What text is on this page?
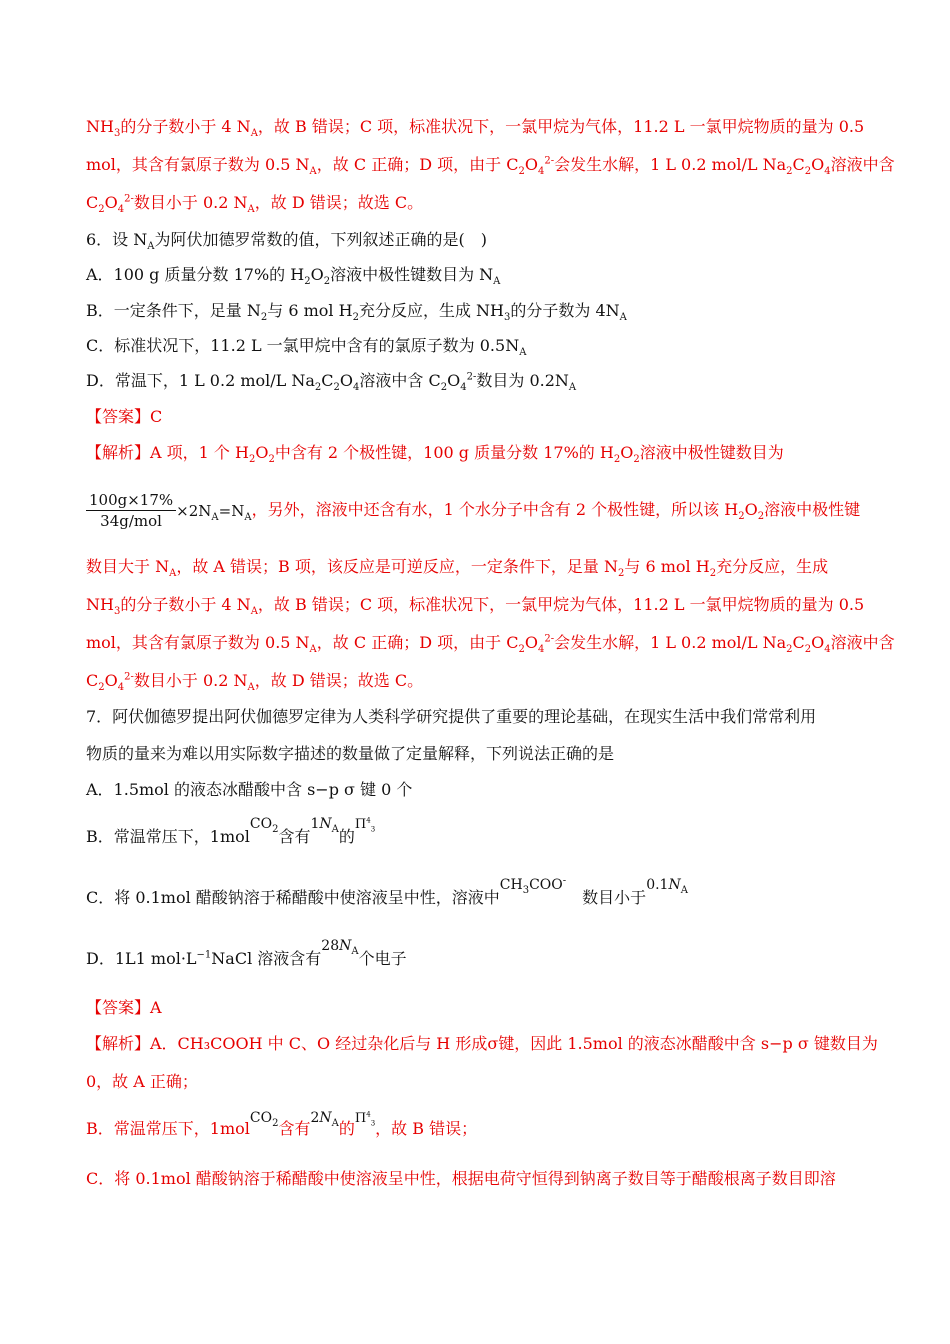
$NH_3$的分子数小于 4 $N_A$，故 B 错误；C 项，标准状况下，一氯甲烷为气体，11.2 L 一氯甲烷物质的量为 0.5
mol，其含有氯原子数为 0.5 $N_A$，故 C 正确；D 项，由于 $C_2O_4^{2-}$会发生水解，1 L 0.2 mol/L $Na_2C_2O_4$溶液中含
$C_2O_4^{2-}$数目小于 0.2 $N_A$，故 D 错误；故选 C。
6．设 $N_A$为阿伏加德罗常数的值，下列叙述正确的是(　)
A．100 g 质量分数 17%的 $H_2O_2$溶液中极性键数目为 $N_A$
B．一定条件下，足量 $N_2$与 6 mol $H_2$充分反应，生成 $NH_3$的分子数为 $4N_A$
C．标准状况下，11.2 L 一氯甲烷中含有的氯原子数为 $0.5N_A$
D．常温下，1 L 0.2 mol/L $Na_2C_2O_4$溶液中含 $C_2O_4^{2-}$数目为 $0.2N_A$
【答案】C
【解析】A 项，1 个 $H_2O_2$中含有 2 个极性键，100 g 质量分数 17%的 $H_2O_2$溶液中极性键数目为
$\frac{100g\times 17\%}{\text{34g/mol}} \times 2N_A=N_A$，另外，溶液中还含有水，1 个水分子中含有 2 个极性键，所以该 $H_2O_2$溶液中极性键
数目大于 $N_A$，故 A 错误；B 项，该反应是可逆反应，一定条件下，足量 $N_2$与 6 mol $H_2$充分反应，生成
$NH_3$的分子数小于 4 $N_A$，故 B 错误；C 项，标准状况下，一氯甲烷为气体，11.2 L 一氯甲烷物质的量为 0.5
mol，其含有氯原子数为 0.5 $N_A$，故 C 正确；D 项，由于 $C_2O_4^{2-}$会发生水解，1 L 0.2 mol/L $Na_2C_2O_4$溶液中含
$C_2O_4^{2-}$数目小于 0.2 $N_A$，故 D 错误；故选 C。
7．阿伏伽德罗提出阿伏伽德罗定律为人类科学研究提供了重要的理论基础，在现实生活中我们常常利用
物质的量来为难以用实际数字描述的数量做了定量解释，下列说法正确的是
A．1.5mol 的液态冰醋酸中含 s−p σ 键 0 个
B．常温常压下，1molCO$_2$含有$1N_A$的$\Pi^4_3$
C．将 0.1mol 醋酸钠溶于稀醋酸中使溶液呈中性，溶液中$CH_3COO^-$　数目小于$0.1N_A$
D．1L1 $mol\cdot L^{-1}NaCl$ 溶液含有$28N_A$个电子
【答案】A
【解析】A．CH₃COOH 中 C、O 经过杂化后与 H 形成σ键，因此 1.5mol 的液态冰醋酸中含 s−p σ 键数目为
0，故 A 正确；
B．常温常压下，1molCO$_2$含有$2N_A$的$\Pi^4_3$，故 B 错误；
C．将 0.1mol 醋酸钠溶于稀醋酸中使溶液呈中性，根据电荷守恒得到钠离子数目等于醋酸根离子数目即溶
